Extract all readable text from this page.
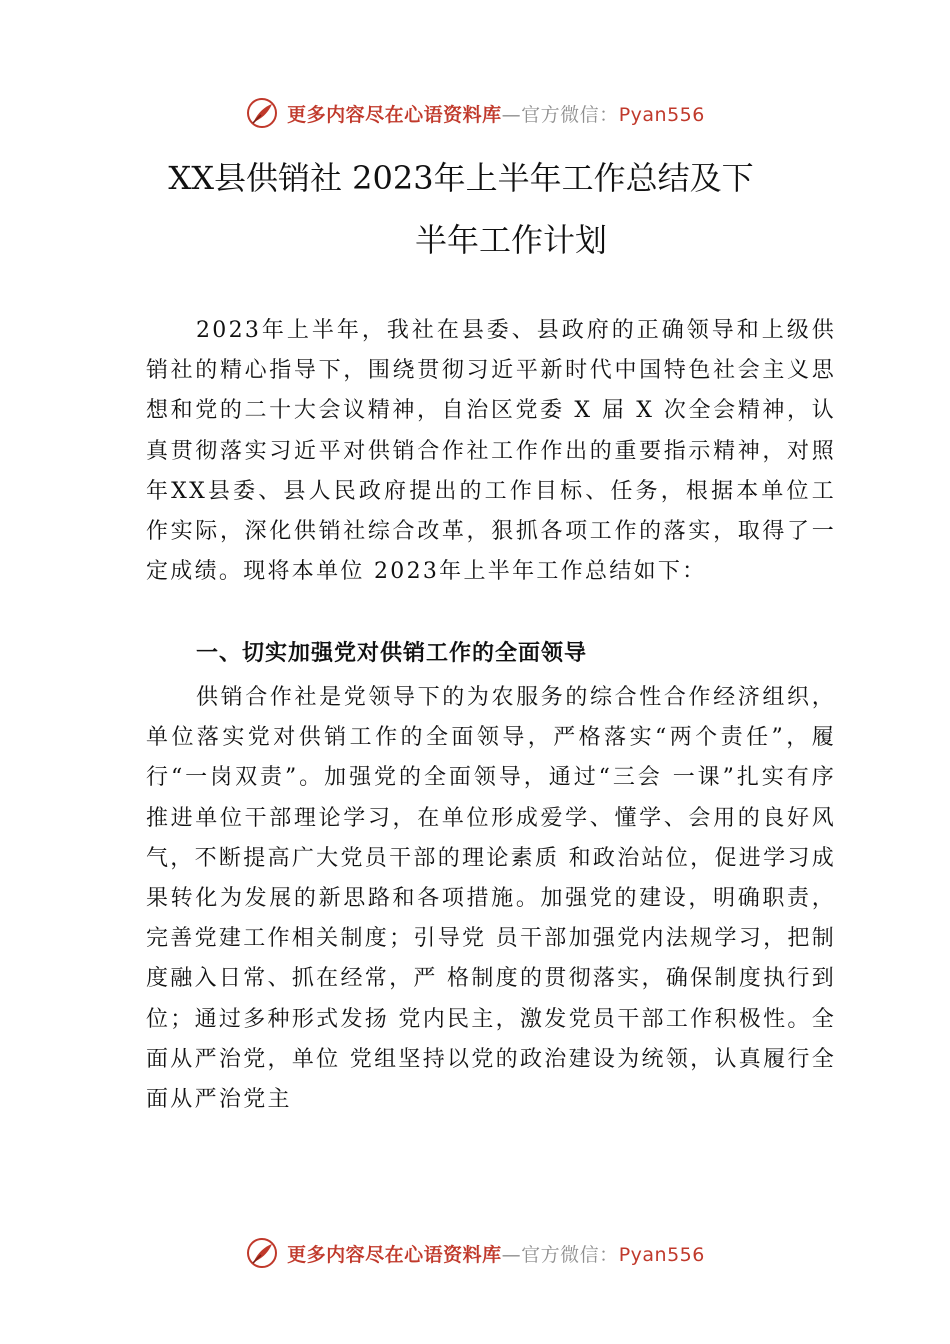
更多内容尽在心语资料库—官方微信：Pyan556
XX县供销社 2023年上半年工作总结及下
半年工作计划

2023年上半年，我社在县委、县政府的正确领导和上级供销社的精心指导下，围绕贯彻习近平新时代中国特色社会主义思想和党的二十大会议精神，自治区党委 X 届 X 次全会精神，认真贯彻落实习近平对供销合作社工作作出的重要指示精神，对照年XX县委、县人民政府提出的工作目标、任务，根据本单位工作实际，深化供销社综合改革，狠抓各项工作的落实，取得了一定成绩。现将本单位 2023年上半年工作总结如下：

一、切实加强党对供销工作的全面领导

供销合作社是党领导下的为农服务的综合性合作经济组织，单位落实党对供销工作的全面领导，严格落实“两个责任”，履行“一岗双责”。加强党的全面领导，通过“三会 一课”扎实有序推进单位干部理论学习，在单位形成爱学、懂学、会用的良好风气，不断提高广大党员干部的理论素质 和政治站位，促进学习成果转化为发展的新思路和各项措施。加强党的建设，明确职责，完善党建工作相关制度；引导党 员干部加强党内法规学习，把制度融入日常、抓在经常，严 格制度的贯彻落实，确保制度执行到位；通过多种形式发扬 党内民主，激发党员干部工作积极性。全面从严治党，单位 党组坚持以党的政治建设为统领，认真履行全面从严治党主

更多内容尽在心语资料库—官方微信：Pyan556
